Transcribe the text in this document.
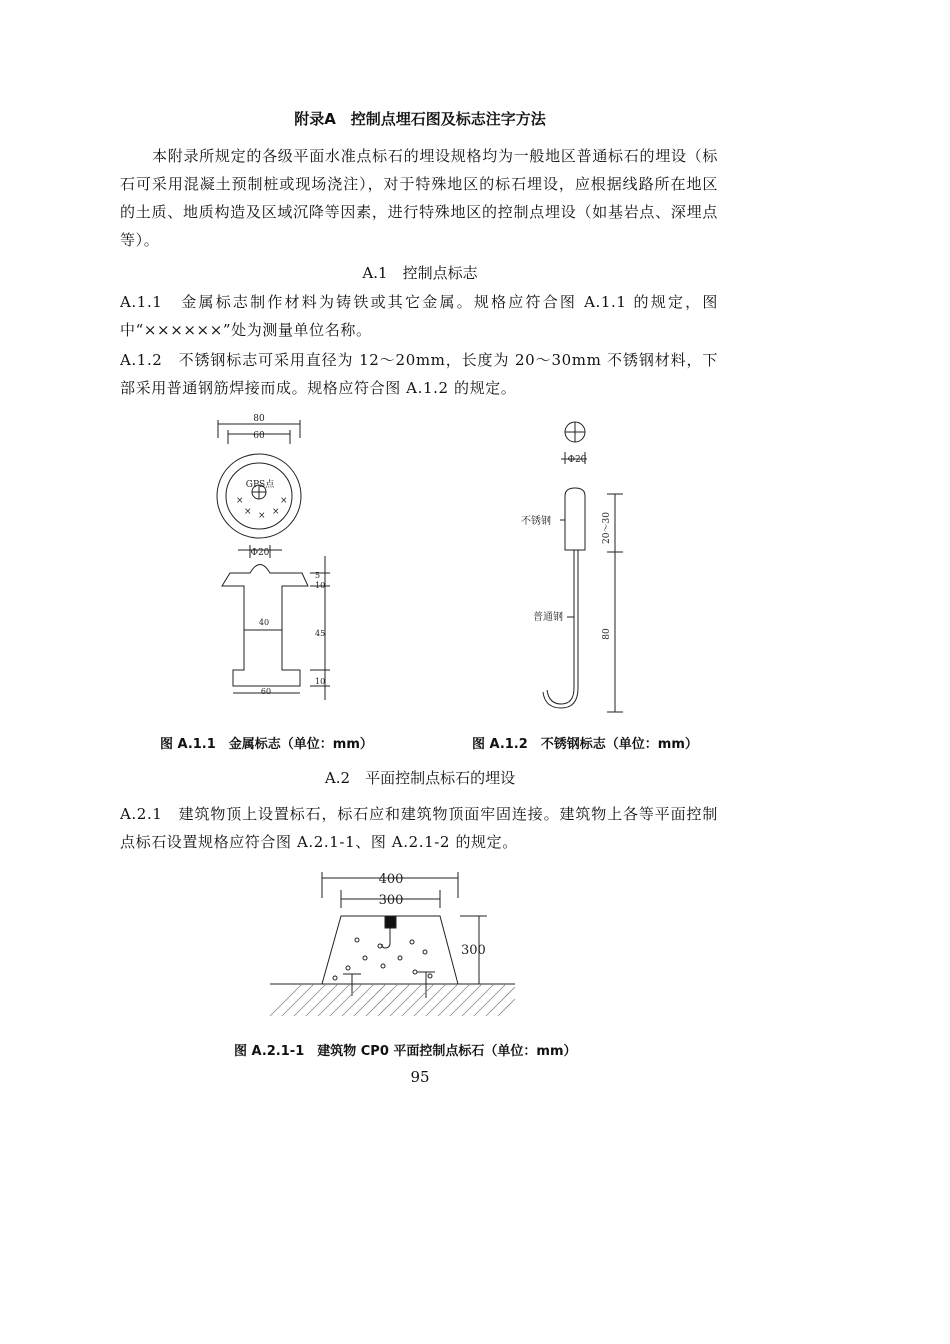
附录A　控制点埋石图及标志注字方法
本附录所规定的各级平面水准点标石的埋设规格均为一般地区普通标石的埋设（标石可采用混凝土预制桩或现场浇注），对于特殊地区的标石埋设，应根据线路所在地区的土质、地质构造及区域沉降等因素，进行特殊地区的控制点埋设（如基岩点、深埋点等）。
A.1　控制点标志
A.1.1　金属标志制作材料为铸铁或其它金属。规格应符合图 A.1.1 的规定，图中“××××××”处为测量单位名称。
A.1.2　不锈钢标志可采用直径为 12～20mm，长度为 20～30mm 不锈钢材料，下部采用普通钢筋焊接而成。规格应符合图 A.1.2 的规定。
80
60
GPS点
×	×
× × ×
Φ20
40
60
5
10
45
10
Φ20
不锈钢
普通钢
20～30
80
图 A.1.1　金属标志（单位：mm）	图 A.1.2　不锈钢标志（单位：mm）
A.2　平面控制点标石的埋设
A.2.1　建筑物顶上设置标石，标石应和建筑物顶面牢固连接。建筑物上各等平面控制点标石设置规格应符合图 A.2.1-1、图 A.2.1-2 的规定。
400
300
300
图 A.2.1-1　建筑物 CP0 平面控制点标石（单位：mm）
95
